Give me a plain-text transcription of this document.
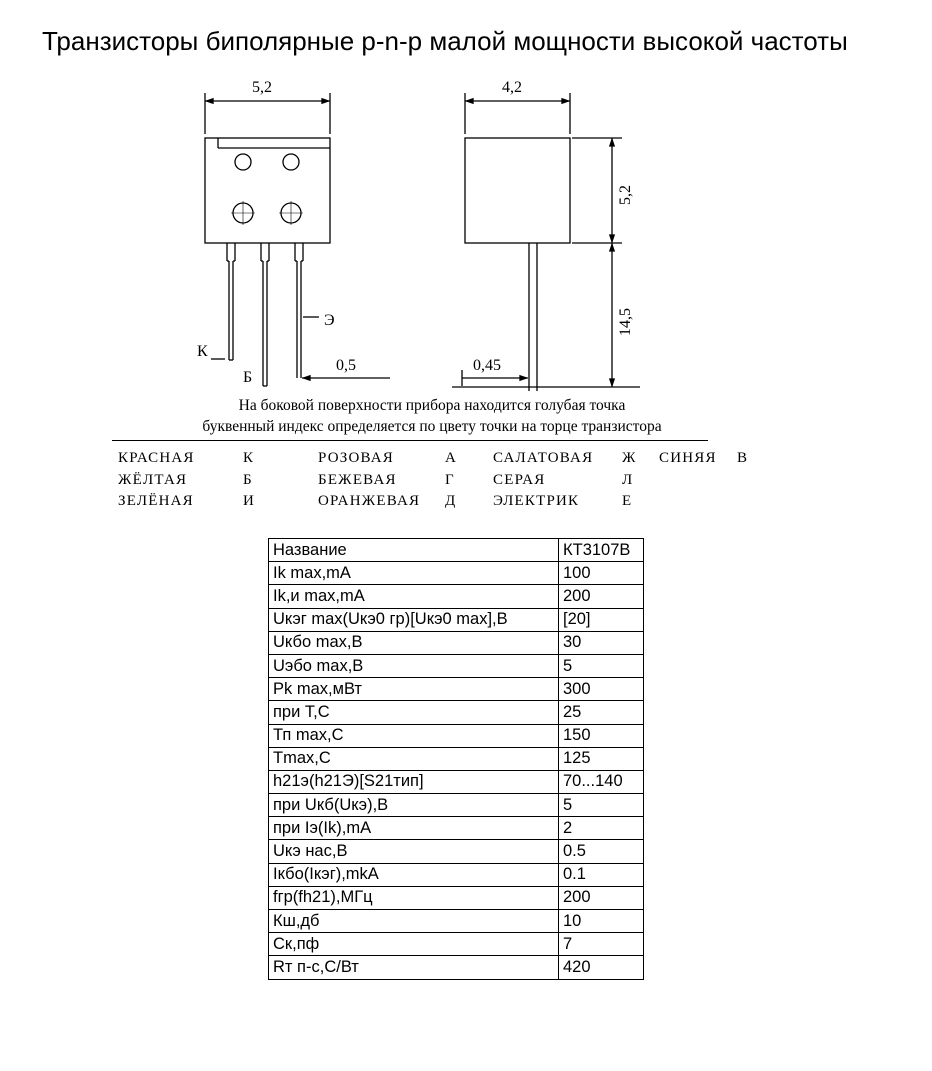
Транзисторы биполярные p-n-p малой мощности высокой частоты
5,2
Э
К
Б
0,5
4,2
5,2
14,5
0,45
На боковой поверхности прибора находится голубая точка
буквенный индекс определяется по цвету точки на торце транзистора
КРАСНАЯ	К	РОЗОВАЯ	А	САЛАТОВАЯ	Ж	СИНЯЯ	В
ЖЁЛТАЯ	Б	БЕЖЕВАЯ	Г	СЕРАЯ	Л
ЗЕЛЁНАЯ	И	ОРАНЖЕВАЯ	Д	ЭЛЕКТРИК	Е
Название	КТ3107В
Ik max,mA	100
Ik,и max,mA	200
Uкэг max(Uкэ0 гр)[Uкэ0 max],В	[20]
Uкбо max,В	30
Uэбо max,В	5
Pk max,мВт	300
при Т,С	25
Тп max,С	150
Tmax,С	125
h21э(h21Э)[S21тип]	70...140
при Uкб(Uкэ),В	5
при Iэ(Ik),mA	2
Uкэ нас,В	0.5
Iкбо(Iкэг),mkA	0.1
fгр(fh21),МГц	200
Кш,дб	10
Ск,пф	7
Rт п-с,С/Вт	420
